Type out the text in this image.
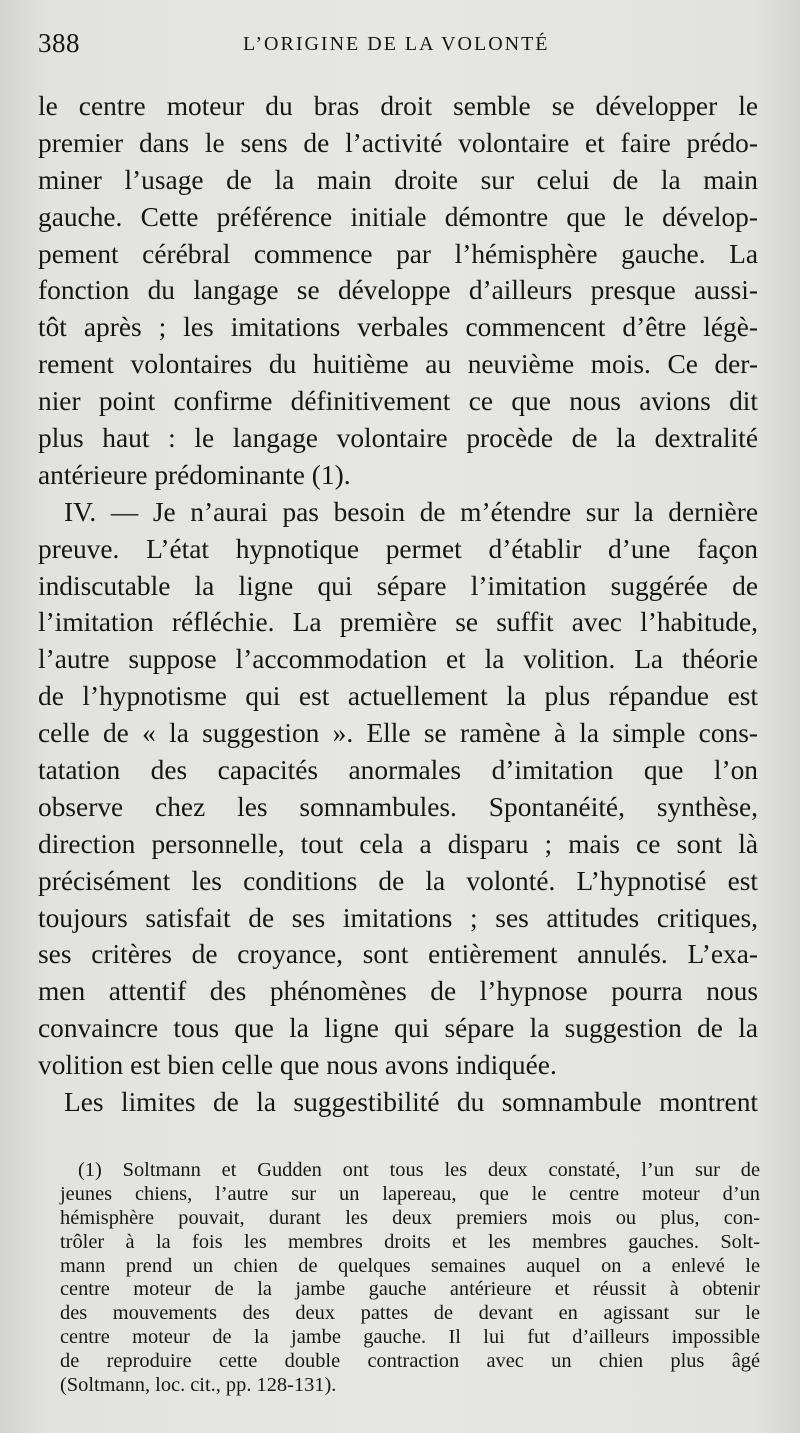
388	L’ORIGINE DE LA VOLONTÉ
le centre moteur du bras droit semble se développer le
premier dans le sens de l’activité volontaire et faire prédo-
miner l’usage de la main droite sur celui de la main
gauche. Cette préférence initiale démontre que le dévelop-
pement cérébral commence par l’hémisphère gauche. La
fonction du langage se développe d’ailleurs presque aussi-
tôt après ; les imitations verbales commencent d’être légè-
rement volontaires du huitième au neuvième mois. Ce der-
nier point confirme définitivement ce que nous avions dit
plus haut : le langage volontaire procède de la dextralité
antérieure prédominante (1).
IV. — Je n’aurai pas besoin de m’étendre sur la dernière
preuve. L’état hypnotique permet d’établir d’une façon
indiscutable la ligne qui sépare l’imitation suggérée de
l’imitation réfléchie. La première se suffit avec l’habitude,
l’autre suppose l’accommodation et la volition. La théorie
de l’hypnotisme qui est actuellement la plus répandue est
celle de « la suggestion ». Elle se ramène à la simple cons-
tatation des capacités anormales d’imitation que l’on
observe chez les somnambules. Spontanéité, synthèse,
direction personnelle, tout cela a disparu ; mais ce sont là
précisément les conditions de la volonté. L’hypnotisé est
toujours satisfait de ses imitations ; ses attitudes critiques,
ses critères de croyance, sont entièrement annulés. L’exa-
men attentif des phénomènes de l’hypnose pourra nous
convaincre tous que la ligne qui sépare la suggestion de la
volition est bien celle que nous avons indiquée.
Les limites de la suggestibilité du somnambule montrent
(1) Soltmann et Gudden ont tous les deux constaté, l’un sur de
jeunes chiens, l’autre sur un lapereau, que le centre moteur d’un
hémisphère pouvait, durant les deux premiers mois ou plus, con-
trôler à la fois les membres droits et les membres gauches. Solt-
mann prend un chien de quelques semaines auquel on a enlevé le
centre moteur de la jambe gauche antérieure et réussit à obtenir
des mouvements des deux pattes de devant en agissant sur le
centre moteur de la jambe gauche. Il lui fut d’ailleurs impossible
de reproduire cette double contraction avec un chien plus âgé
(Soltmann, loc. cit., pp. 128-131).
